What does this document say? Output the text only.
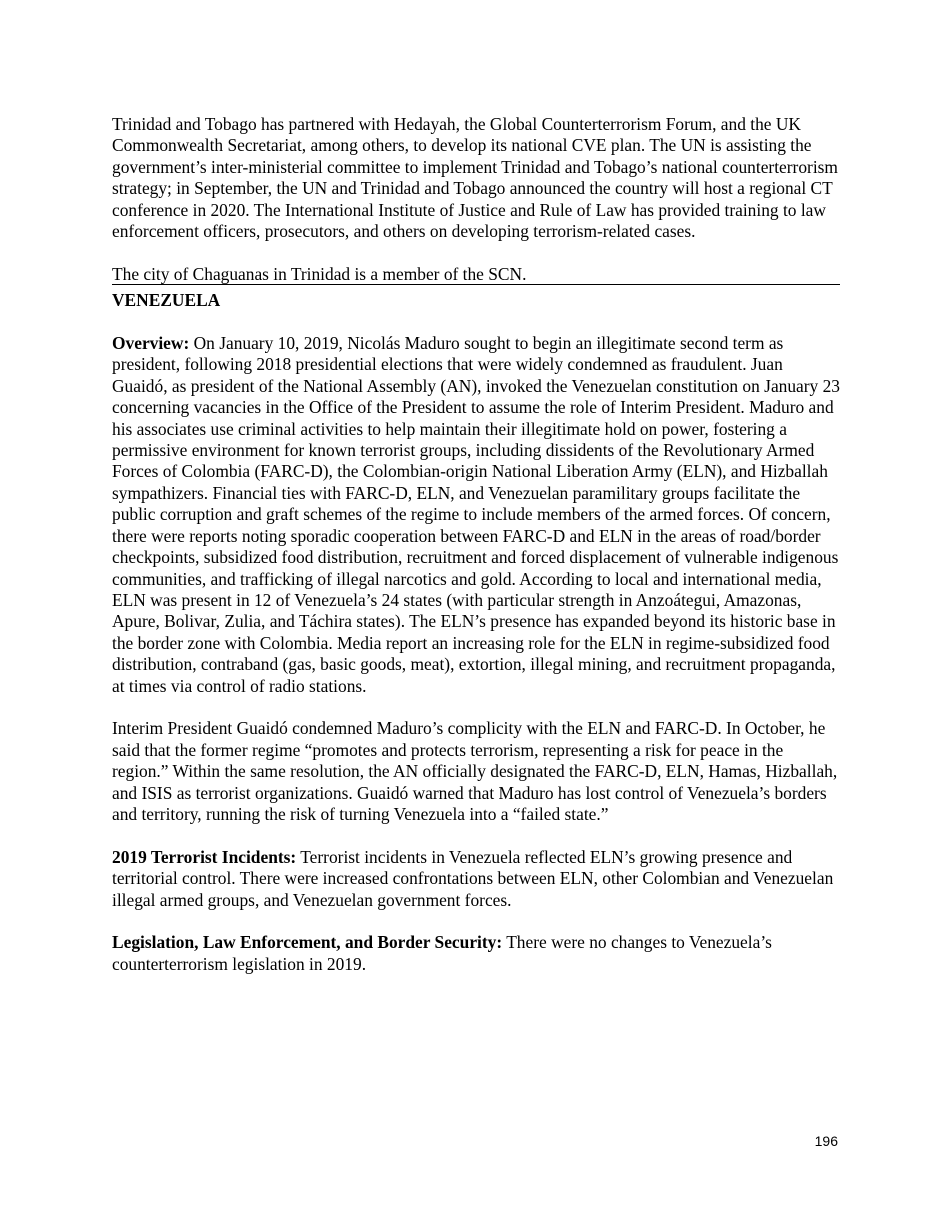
Trinidad and Tobago has partnered with Hedayah, the Global Counterterrorism Forum, and the UK Commonwealth Secretariat, among others, to develop its national CVE plan. The UN is assisting the government’s inter-ministerial committee to implement Trinidad and Tobago’s national counterterrorism strategy; in September, the UN and Trinidad and Tobago announced the country will host a regional CT conference in 2020. The International Institute of Justice and Rule of Law has provided training to law enforcement officers, prosecutors, and others on developing terrorism-related cases.

The city of Chaguanas in Trinidad is a member of the SCN.

VENEZUELA

Overview: On January 10, 2019, Nicolás Maduro sought to begin an illegitimate second term as president, following 2018 presidential elections that were widely condemned as fraudulent. Juan Guaidó, as president of the National Assembly (AN), invoked the Venezuelan constitution on January 23 concerning vacancies in the Office of the President to assume the role of Interim President. Maduro and his associates use criminal activities to help maintain their illegitimate hold on power, fostering a permissive environment for known terrorist groups, including dissidents of the Revolutionary Armed Forces of Colombia (FARC-D), the Colombian-origin National Liberation Army (ELN), and Hizballah sympathizers. Financial ties with FARC-D, ELN, and Venezuelan paramilitary groups facilitate the public corruption and graft schemes of the regime to include members of the armed forces. Of concern, there were reports noting sporadic cooperation between FARC-D and ELN in the areas of road/border checkpoints, subsidized food distribution, recruitment and forced displacement of vulnerable indigenous communities, and trafficking of illegal narcotics and gold. According to local and international media, ELN was present in 12 of Venezuela’s 24 states (with particular strength in Anzoátegui, Amazonas, Apure, Bolivar, Zulia, and Táchira states). The ELN’s presence has expanded beyond its historic base in the border zone with Colombia. Media report an increasing role for the ELN in regime-subsidized food distribution, contraband (gas, basic goods, meat), extortion, illegal mining, and recruitment propaganda, at times via control of radio stations.

Interim President Guaidó condemned Maduro’s complicity with the ELN and FARC-D. In October, he said that the former regime “promotes and protects terrorism, representing a risk for peace in the region.” Within the same resolution, the AN officially designated the FARC-D, ELN, Hamas, Hizballah, and ISIS as terrorist organizations. Guaidó warned that Maduro has lost control of Venezuela’s borders and territory, running the risk of turning Venezuela into a “failed state.”

2019 Terrorist Incidents: Terrorist incidents in Venezuela reflected ELN’s growing presence and territorial control. There were increased confrontations between ELN, other Colombian and Venezuelan illegal armed groups, and Venezuelan government forces.

Legislation, Law Enforcement, and Border Security: There were no changes to Venezuela’s counterterrorism legislation in 2019.

196
